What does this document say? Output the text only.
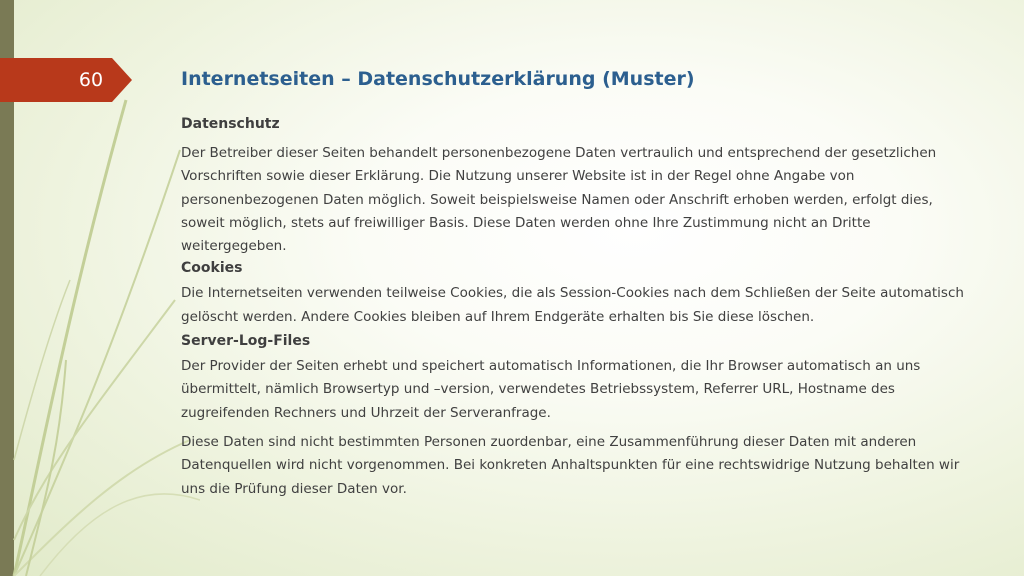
60	Internetseiten – Datenschutzerklärung (Muster)
Datenschutz

Der Betreiber dieser Seiten behandelt personenbezogene Daten vertraulich und entsprechend der gesetzlichen Vorschriften sowie dieser Erklärung. Die Nutzung unserer Website ist in der Regel ohne Angabe von personenbezogenen Daten möglich. Soweit beispielsweise Namen oder Anschrift erhoben werden, erfolgt dies, soweit möglich, stets auf freiwilliger Basis. Diese Daten werden ohne Ihre Zustimmung nicht an Dritte weitergegeben.

Cookies

Die Internetseiten verwenden teilweise Cookies, die als Session-Cookies nach dem Schließen der Seite automatisch gelöscht werden. Andere Cookies bleiben auf Ihrem Endgeräte erhalten bis Sie diese löschen.

Server-Log-Files

Der Provider der Seiten erhebt und speichert automatisch Informationen, die Ihr Browser automatisch an uns übermittelt, nämlich Browsertyp und –version, verwendetes Betriebssystem, Referrer URL, Hostname des zugreifenden Rechners und Uhrzeit der Serveranfrage.

Diese Daten sind nicht bestimmten Personen zuordenbar, eine Zusammenführung dieser Daten mit anderen Datenquellen wird nicht vorgenommen. Bei konkreten Anhaltspunkten für eine rechtswidrige Nutzung behalten wir uns die Prüfung dieser Daten vor.
